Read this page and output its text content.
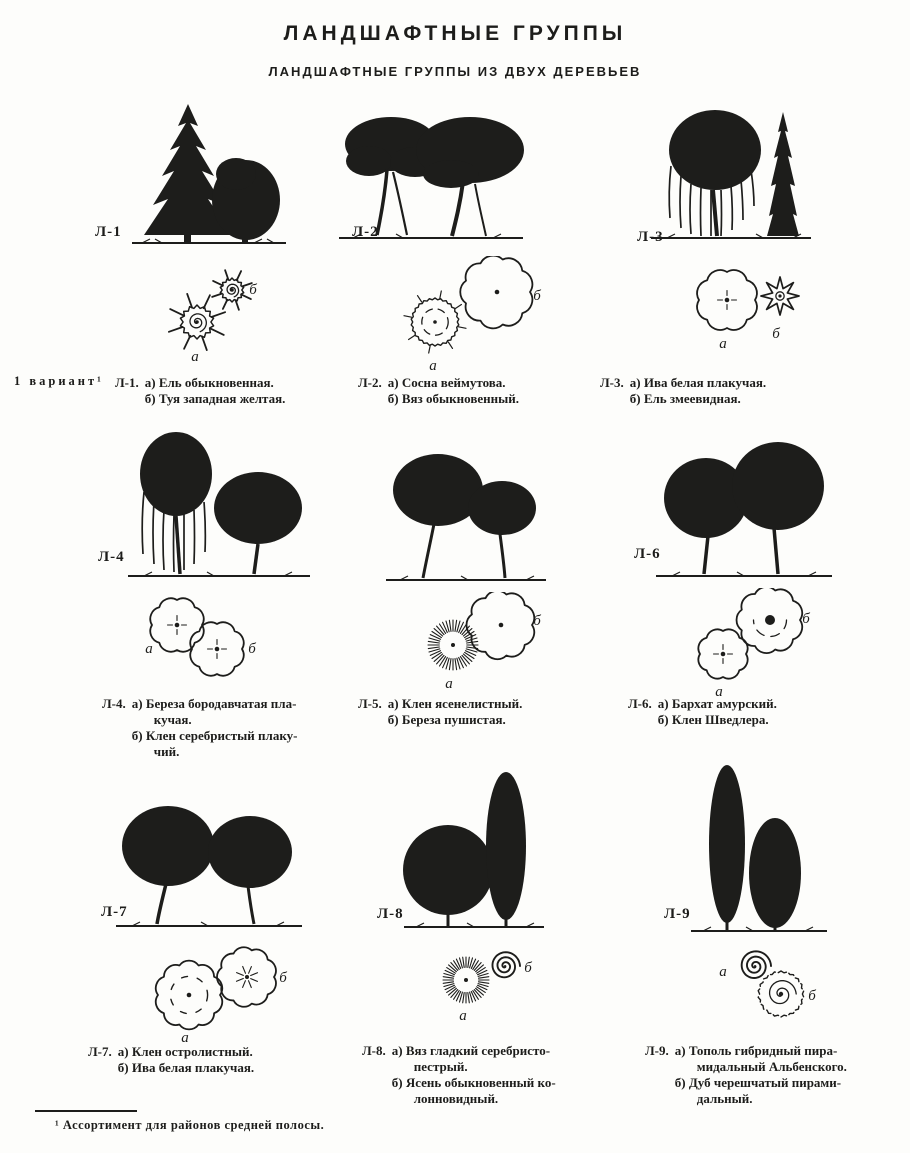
ЛАНДШАФТНЫЕ ГРУППЫ
ЛАНДШАФТНЫЕ ГРУППЫ ИЗ ДВУХ ДЕРЕВЬЕВ
Л-1
а
б
1 вариант¹ Л-1. а) Ель обыкновенная.
б) Туя западная желтая.
Л-2
а
б
Л-2. а) Сосна веймутова.
б) Вяз обыкновенный.
Л-3
а
б
Л-3. а) Ива белая плакучая.
б) Ель змеевидная.
Л-4
а	б
Л-4. а) Береза бородавчатая пла-
кучая.
б) Клен серебристый плаку-
чий.
а
б
Л-5. а) Клен ясенелистный.
б) Береза пушистая.
Л-6
а
б
Л-6. а) Бархат амурский.
б) Клен Шведлера.
Л-7
а
б
Л-7. а) Клен остролистный.
б) Ива белая плакучая.
Л-8
а
б
Л-8. а) Вяз гладкий серебристо-
пестрый.
б) Ясень обыкновенный ко-
лонновидный.
Л-9
а
б
Л-9. а) Тополь гибридный пира-
мидальный Альбенского.
б) Дуб черешчатый пирами-
дальный.
¹ Ассортимент для районов средней полосы.
